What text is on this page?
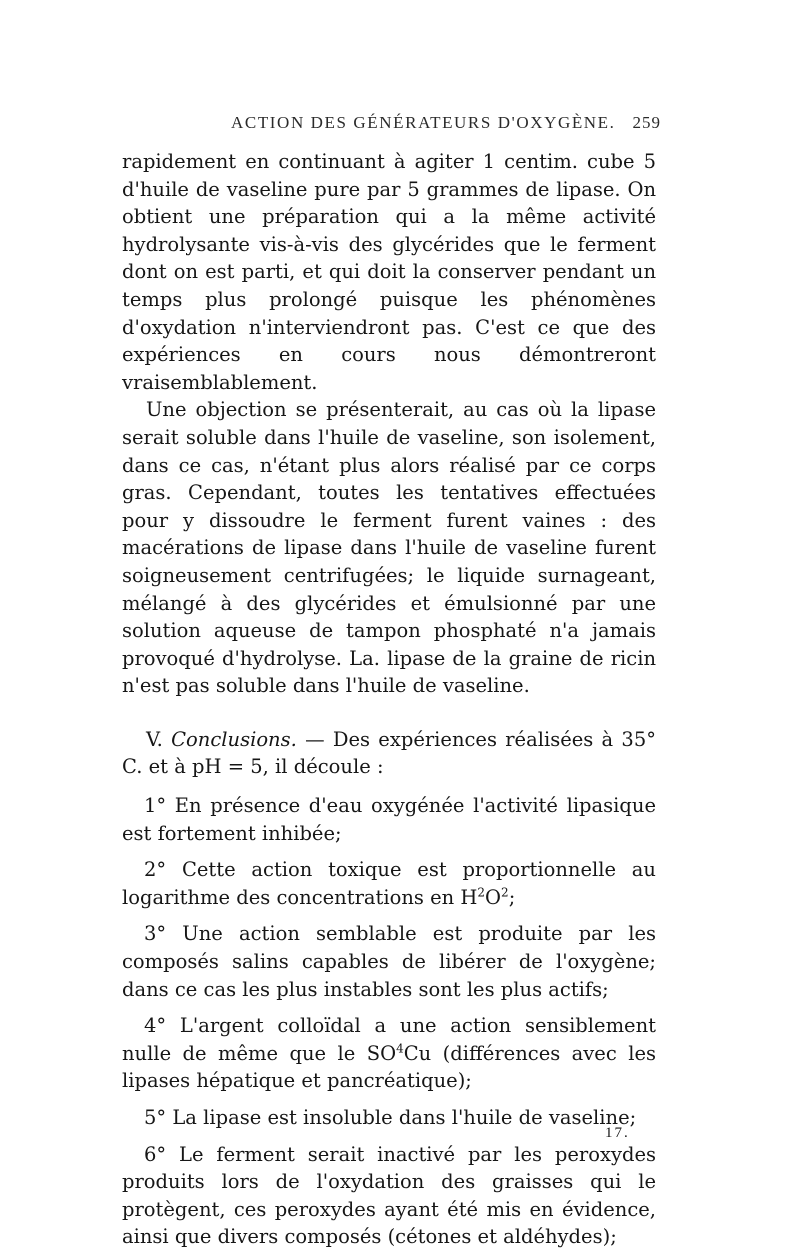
ACTION DES GÉNÉRATEURS D'OXYGÈNE. 259

rapidement en continuant à agiter 1 centim. cube 5 d'huile de vaseline pure par 5 grammes de lipase. On obtient une préparation qui a la même activité hydrolysante vis-à-vis des glycérides que le ferment dont on est parti, et qui doit la conserver pendant un temps plus prolongé puisque les phénomènes d'oxydation n'interviendront pas. C'est ce que des expériences en cours nous démontreront vraisemblablement.

Une objection se présenterait, au cas où la lipase serait soluble dans l'huile de vaseline, son isolement, dans ce cas, n'étant plus alors réalisé par ce corps gras. Cependant, toutes les tentatives effectuées pour y dissoudre le ferment furent vaines : des macérations de lipase dans l'huile de vaseline furent soigneusement centrifugées; le liquide surnageant, mélangé à des glycérides et émulsionné par une solution aqueuse de tampon phosphaté n'a jamais provoqué d'hydrolyse. La. lipase de la graine de ricin n'est pas soluble dans l'huile de vaseline.

V. Conclusions. — Des expériences réalisées à 35° C. et à pH = 5, il découle :

1° En présence d'eau oxygénée l'activité lipasique est fortement inhibée;

2° Cette action toxique est proportionnelle au logarithme des concentrations en $H^2O^2$;

3° Une action semblable est produite par les composés salins capables de libérer de l'oxygène; dans ce cas les plus instables sont les plus actifs;

4° L'argent colloïdal a une action sensiblement nulle de même que le $SO^4Cu$ (différences avec les lipases hépatique et pancréatique);

5° La lipase est insoluble dans l'huile de vaseline;

6° Le ferment serait inactivé par les peroxydes produits lors de l'oxydation des graisses qui le protègent, ces peroxydes ayant été mis en évidence, ainsi que divers composés (cétones et aldéhydes);

17.
